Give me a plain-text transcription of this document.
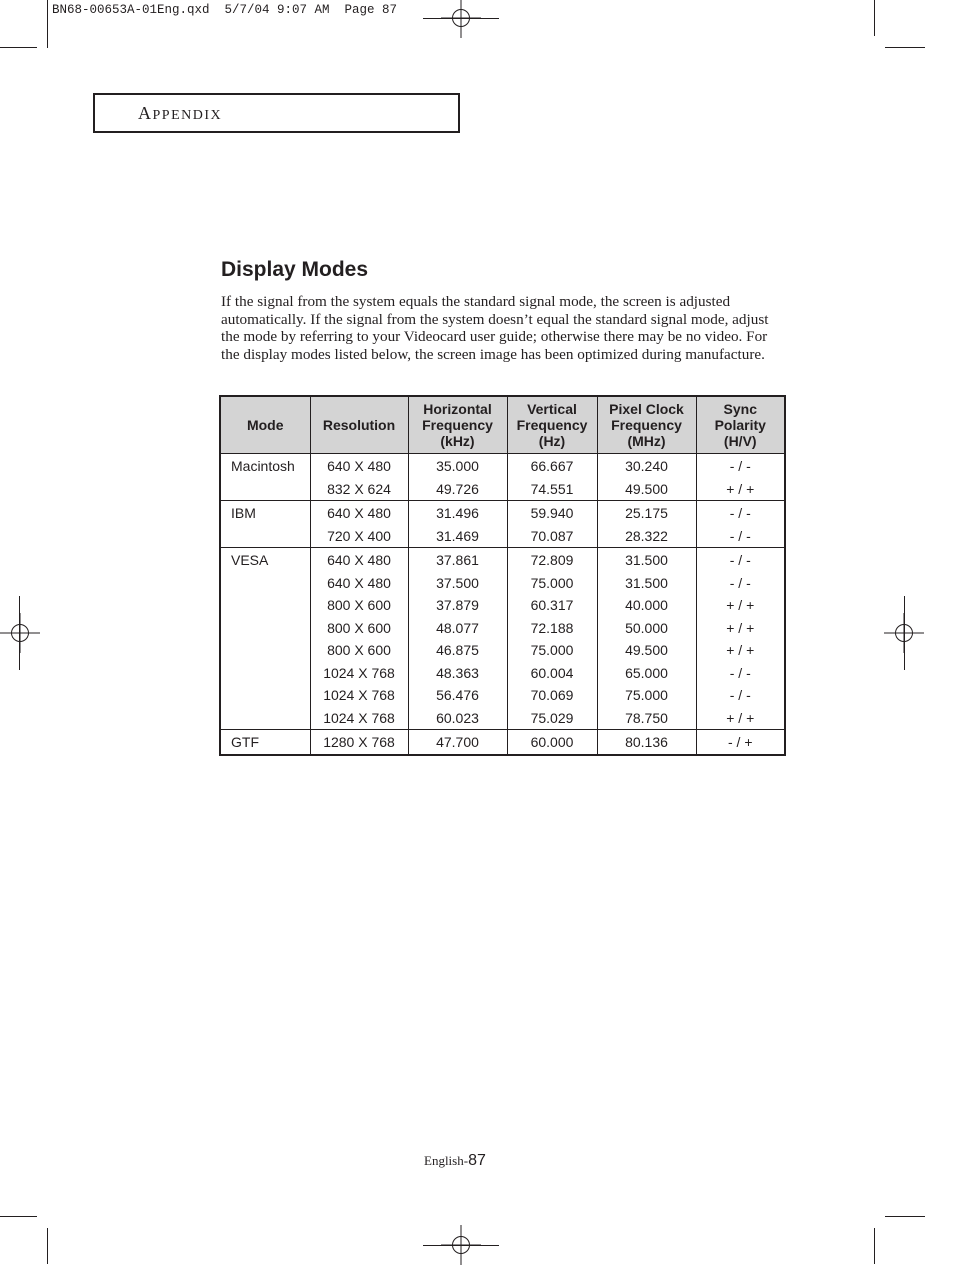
BN68-00653A-01Eng.qxd  5/7/04 9:07 AM  Page 87
APPENDIX
Display Modes

If the signal from the system equals the standard signal mode, the screen is adjusted automatically. If the signal from the system doesn’t equal the standard signal mode, adjust the mode by referring to your Videocard user guide; otherwise there may be no video. For the display modes listed below, the screen image has been optimized during manufacture.

Mode	Resolution	Horizontal
Frequency
(kHz)	Vertical
Frequency
(Hz)	Pixel Clock
Frequency
(MHz)	Sync
Polarity
(H/V)
Macintosh	640 X 480	35.000	66.667	30.240	- / -
	832 X 624	49.726	74.551	49.500	+ / +
IBM	640 X 480	31.496	59.940	25.175	- / -
	720 X 400	31.469	70.087	28.322	- / -
VESA	640 X 480	37.861	72.809	31.500	- / -
	640 X 480	37.500	75.000	31.500	- / -
	800 X 600	37.879	60.317	40.000	+ / +
	800 X 600	48.077	72.188	50.000	+ / +
	800 X 600	46.875	75.000	49.500	+ / +
	1024 X 768	48.363	60.004	65.000	- / -
	1024 X 768	56.476	70.069	75.000	- / -
	1024 X 768	60.023	75.029	78.750	+ / +
GTF	1280 X 768	47.700	60.000	80.136	- / +
English-87
